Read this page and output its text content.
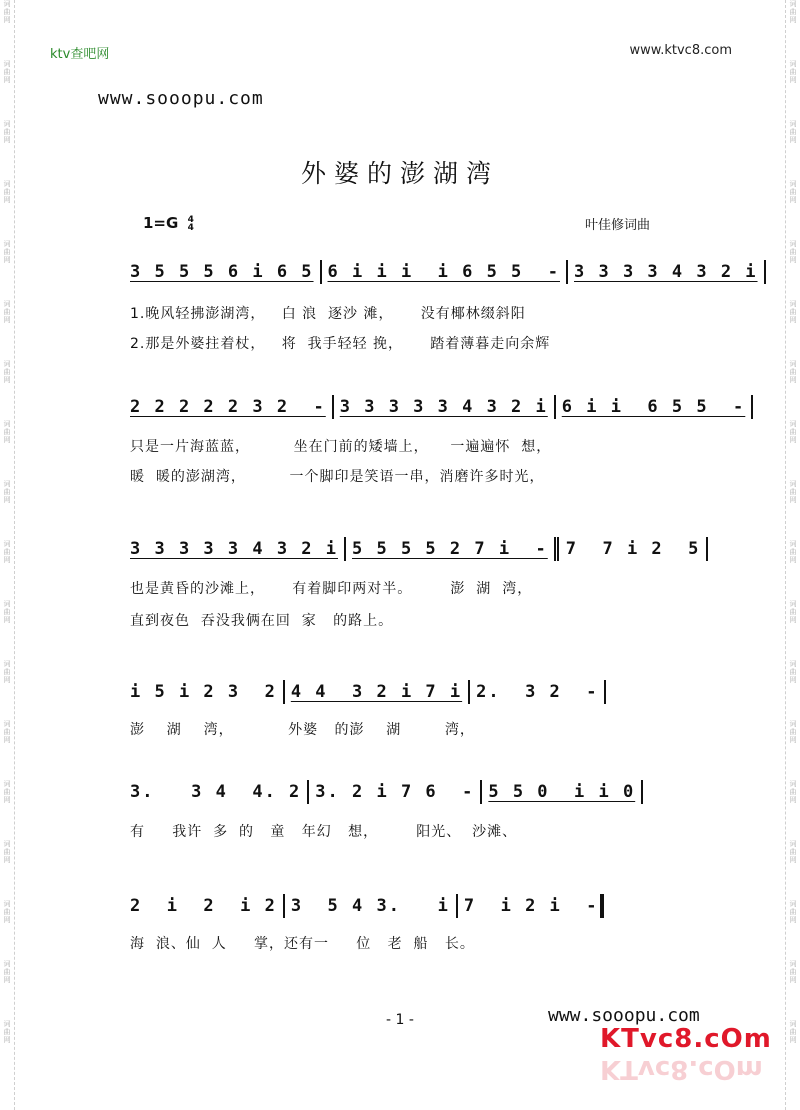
词
曲
网
词
曲
网
词
曲
网
词
曲
网
词
曲
网
词
曲
网
词
曲
网
词
曲
网
词
曲
网
词
曲
网
词
曲
网
词
曲
网
词
曲
网
词
曲
网
词
曲
网
词
曲
网
词
曲
网
词
曲
网
词
曲
网
词
曲
网
词
曲
网
词
曲
网
词
曲
网
词
曲
网
词
曲
网
词
曲
网
词
曲
网
词
曲
网
词
曲
网
词
曲
网
词
曲
网
词
曲
网
词
曲
网
词
曲
网
词
曲
网
词
曲
网
ktv查吧网	www.ktvc8.com
www.sooopu.com
外婆的澎湖湾
1=G 4
4	叶佳修词曲
3 5 5 5 6 i 6 5 6 i i i  i 6 5 5  - 3 3 3 3 4 3 2 i
1.晚风轻拂澎湖湾，   白 浪  逐沙 滩，     没有椰林缀斜阳
2.那是外婆拄着杖，   将  我手轻轻 挽，     踏着薄暮走向余辉
2 2 2 2 2 3 2  - 3 3 3 3 3 4 3 2 i 6 i i  6 5 5  -
只是一片海蓝蓝，        坐在门前的矮墙上，    一遍遍怀  想，
暖  暖的澎湖湾，        一个脚印是笑语一串，消磨许多时光，
3 3 3 3 3 4 3 2 i 5 5 5 5 2 7 i  - 7  7 i 2  5
也是黄昏的沙滩上，     有着脚印两对半。       澎  湖  湾，
直到夜色  吞没我俩在回  家   的路上。
i 5 i 2 3  2 4 4  3 2 i 7 i 2.  3 2  -
澎    湖    湾，          外婆   的澎    湖        湾，
3.   3 4  4. 2 3. 2 i 7 6  - 5 5 0  i i 0
有     我许  多  的   童   年幻   想，       阳光、  沙滩、
2  i  2  i 2 3  5 4 3.   i 7  i 2 i  -
海  浪、仙  人     掌，还有一     位   老  船   长。
www.sooopu.com
- 1 -
KTvc8.cOm
KTvc8.cOm
